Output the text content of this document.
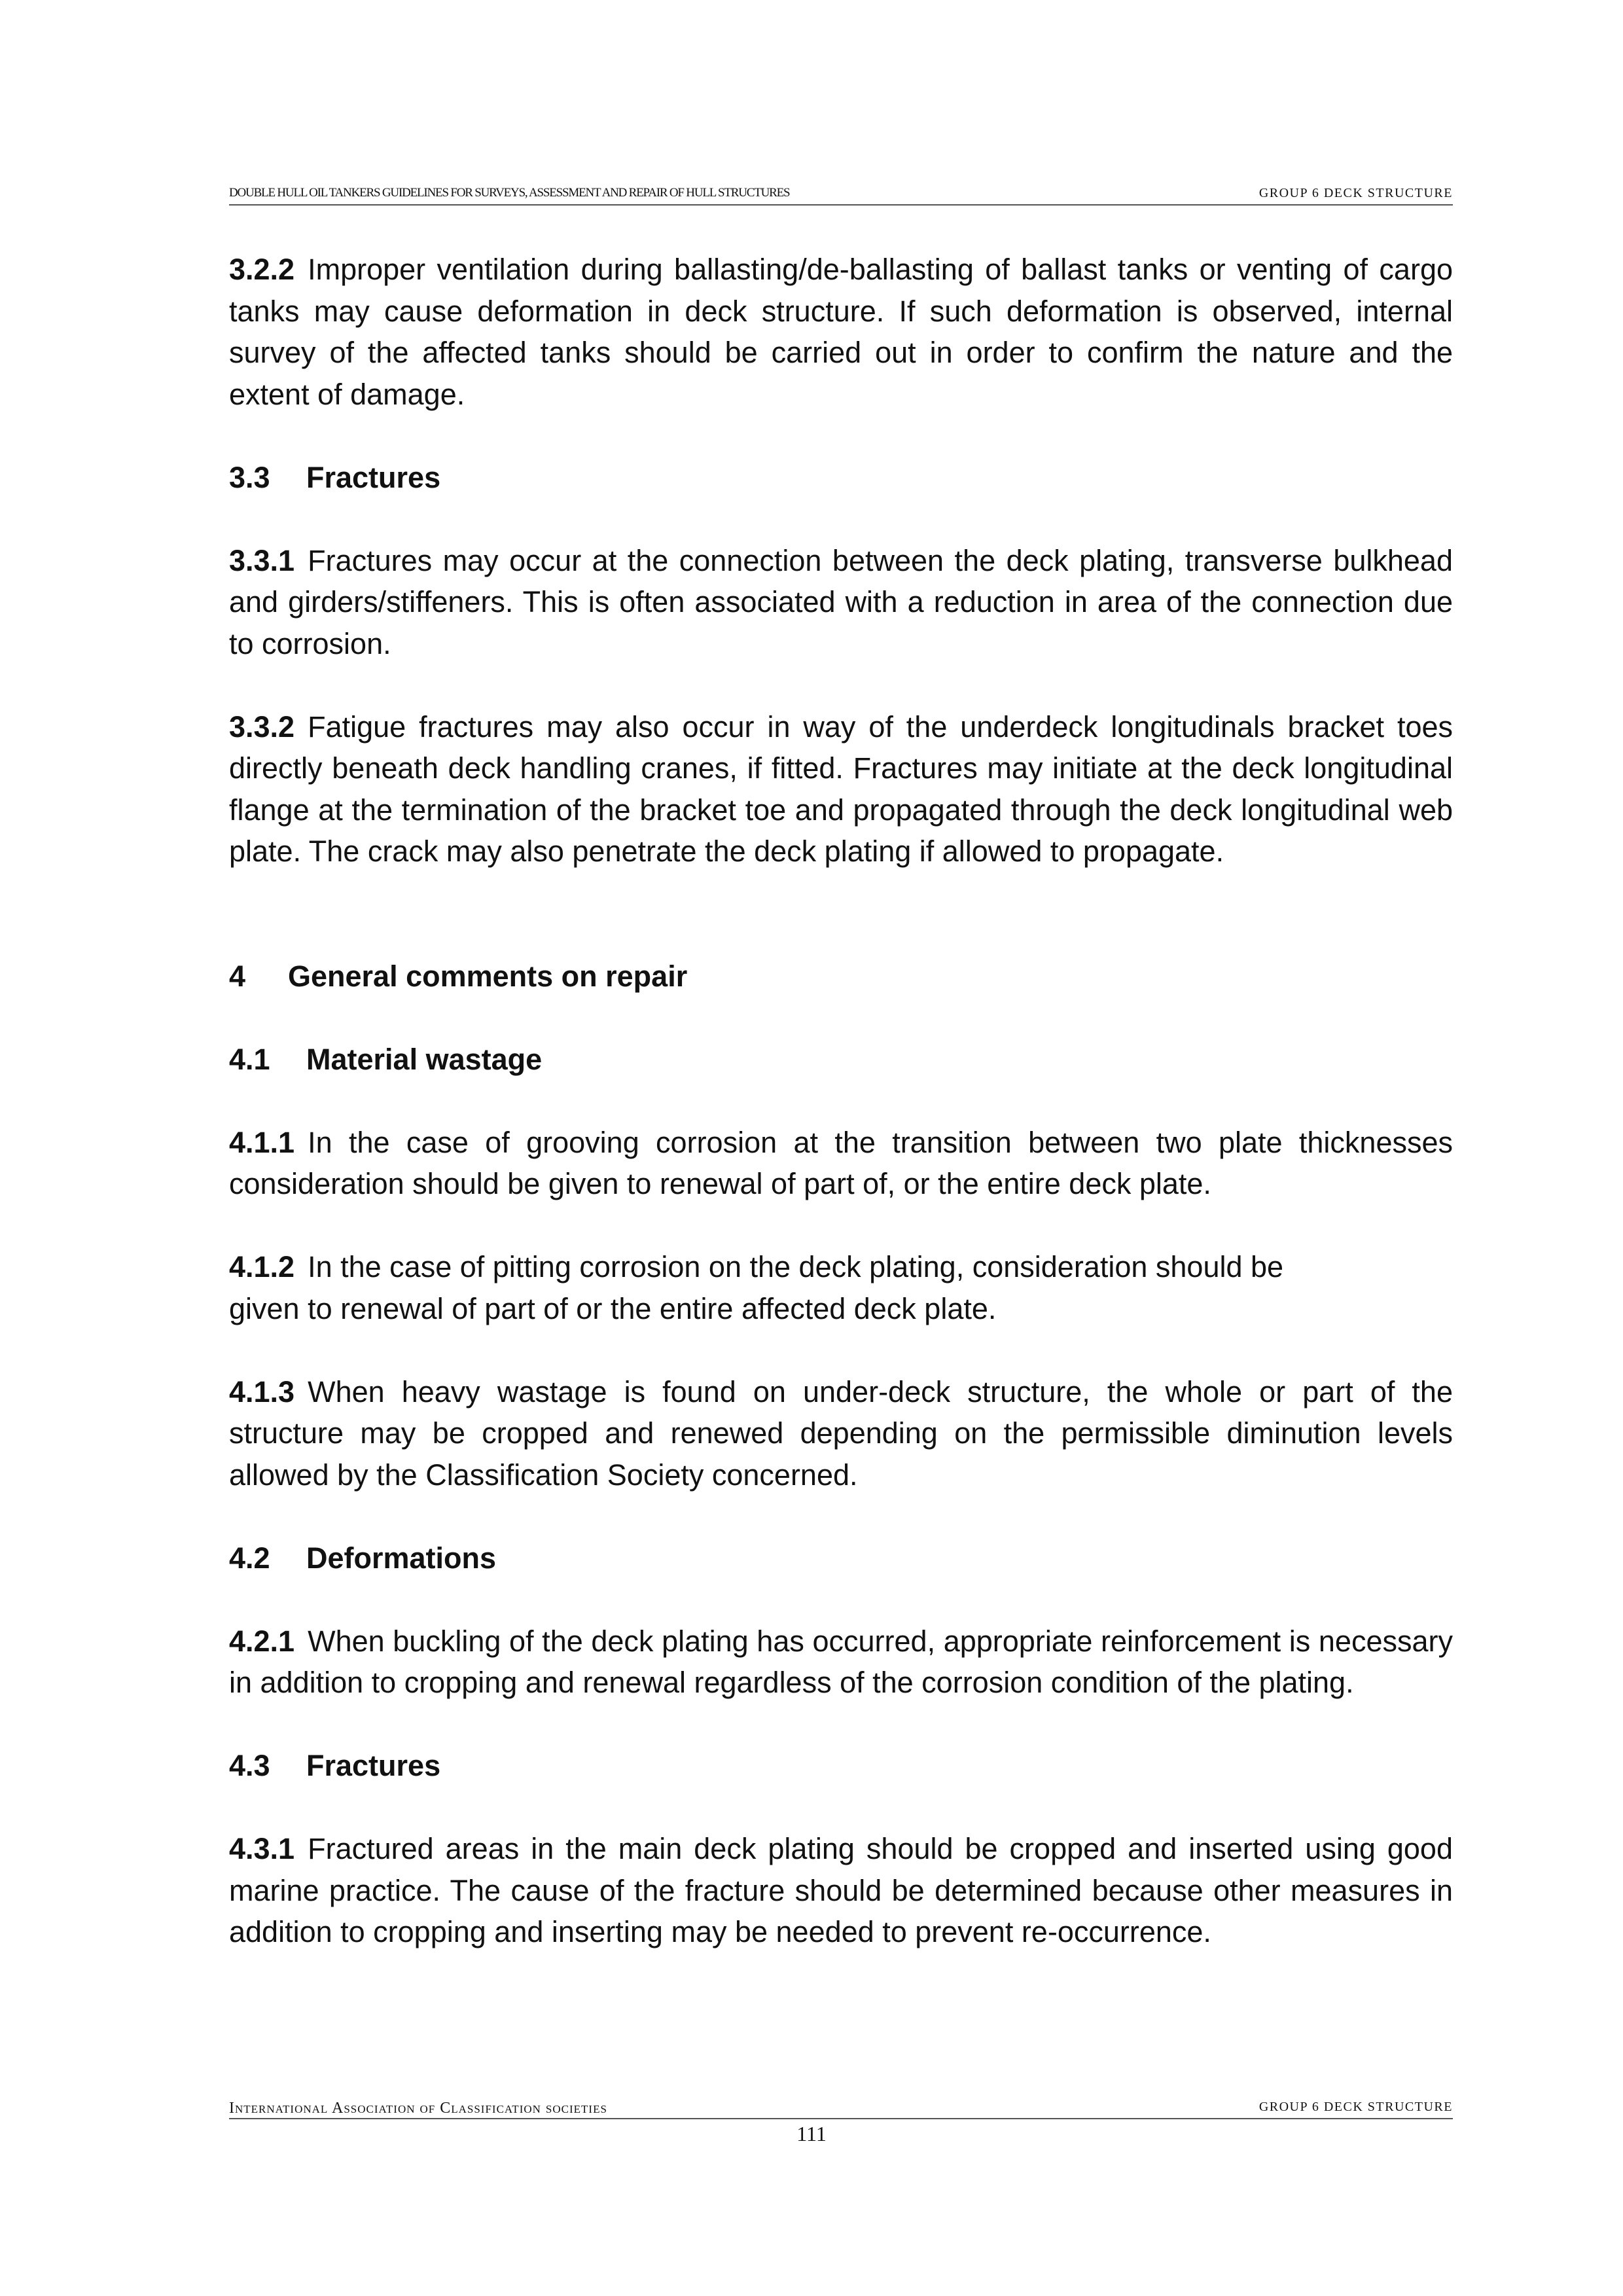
DOUBLE HULL OIL TANKERS GUIDELINES FOR SURVEYS, ASSESSMENT AND REPAIR OF HULL STRUCTURES	GROUP 6 DECK STRUCTURE

3.2.2 Improper ventilation during ballasting/de-ballasting of ballast tanks or venting of cargo tanks may cause deformation in deck structure. If such deformation is observed, internal survey of the affected tanks should be carried out in order to confirm the nature and the extent of damage.

3.3 Fractures

3.3.1 Fractures may occur at the connection between the deck plating, transverse bulkhead and girders/stiffeners. This is often associated with a reduction in area of the connection due to corrosion.

3.3.2 Fatigue fractures may also occur in way of the underdeck longitudinals bracket toes directly beneath deck handling cranes, if fitted. Fractures may initiate at the deck longitudinal flange at the termination of the bracket toe and propagated through the deck longitudinal web plate. The crack may also penetrate the deck plating if allowed to propagate.

4 General comments on repair
4.1 Material wastage

4.1.1 In the case of grooving corrosion at the transition between two plate thicknesses consideration should be given to renewal of part of, or the entire deck plate.

4.1.2 In the case of pitting corrosion on the deck plating, consideration should be
given to renewal of part of or the entire affected deck plate.

4.1.3 When heavy wastage is found on under-deck structure, the whole or part of the structure may be cropped and renewed depending on the permissible diminution levels allowed by the Classification Society concerned.

4.2 Deformations

4.2.1 When buckling of the deck plating has occurred, appropriate reinforcement is necessary in addition to cropping and renewal regardless of the corrosion condition of the plating.

4.3 Fractures

4.3.1 Fractured areas in the main deck plating should be cropped and inserted using good marine practice. The cause of the fracture should be determined because other measures in addition to cropping and inserting may be needed to prevent re-occurrence.

International Association of Classification societies	GROUP 6 DECK STRUCTURE
111
